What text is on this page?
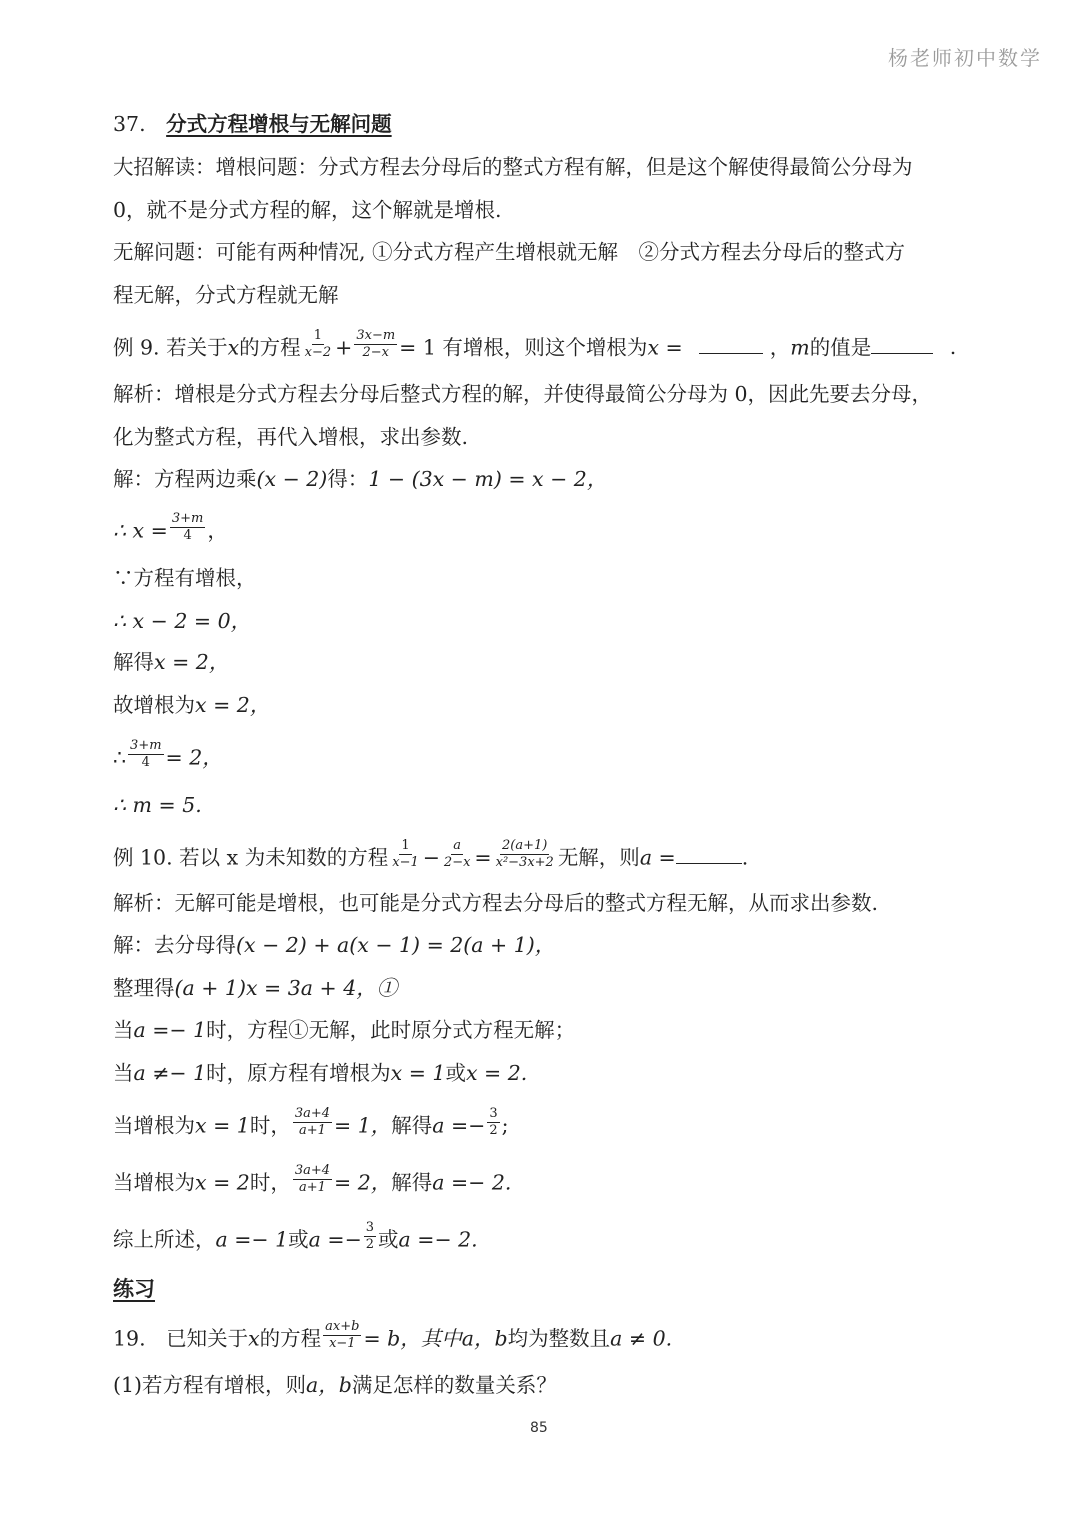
杨老师初中数学
37. 分式方程增根与无解问题
大招解读：增根问题：分式方程去分母后的整式方程有解，但是这个解使得最简公分母为
0，就不是分式方程的解，这个解就是增根.
无解问题：可能有两种情况, ①分式方程产生增根就无解　②分式方程去分母后的整式方
程无解，分式方程就无解
例 9. 若关于x的方程 $\frac{1}{x-2} + \frac{3x-m}{2-x} = 1$ 有增根，则这个增根为x =	，m的值是	.
解析：增根是分式方程去分母后整式方程的解，并使得最简公分母为 0，因此先要去分母，
化为整式方程，再代入增根，求出参数.
解：方程两边乘(x − 2)得：1 − (3x − m) = x − 2，
∴ $x = \frac{3+m}{4}$ ，
∵方程有增根，
∴ x − 2 = 0，
解得x = 2，
故增根为x = 2，
∴ $\frac{3+m}{4} = 2$，
∴ m = 5.
例 10. 若以 x 为未知数的方程 $\frac{1}{x-1} - \frac{a}{2-x} = \frac{2(a+1)}{\text{x²−3x+2}}$ 无解，则a =	.
解析：无解可能是增根，也可能是分式方程去分母后的整式方程无解，从而求出参数.
解：去分母得(x − 2) + a(x − 1) = 2(a + 1)，
整理得(a + 1)x = 3a + 4，①
当a =− 1时，方程①无解，此时原分式方程无解；
当a ≠− 1时，原方程有增根为x = 1或x = 2.
当增根为x = 1时， $\frac{3a+4}{a+1} = 1$，解得$a =- \frac{3}{2}$ ;
当增根为x = 2时， $\frac{3a+4}{a+1} = 2$，解得a =− 2.
综上所述，a =− 1或$a =- \frac{3}{2}$ 或a =− 2.
练习
19.　已知关于x的方程 $\frac{ax+b}{x-1} = b$，其中a，b均为整数且a ≠ 0.
(1)若方程有增根，则a，b满足怎样的数量关系？
85
